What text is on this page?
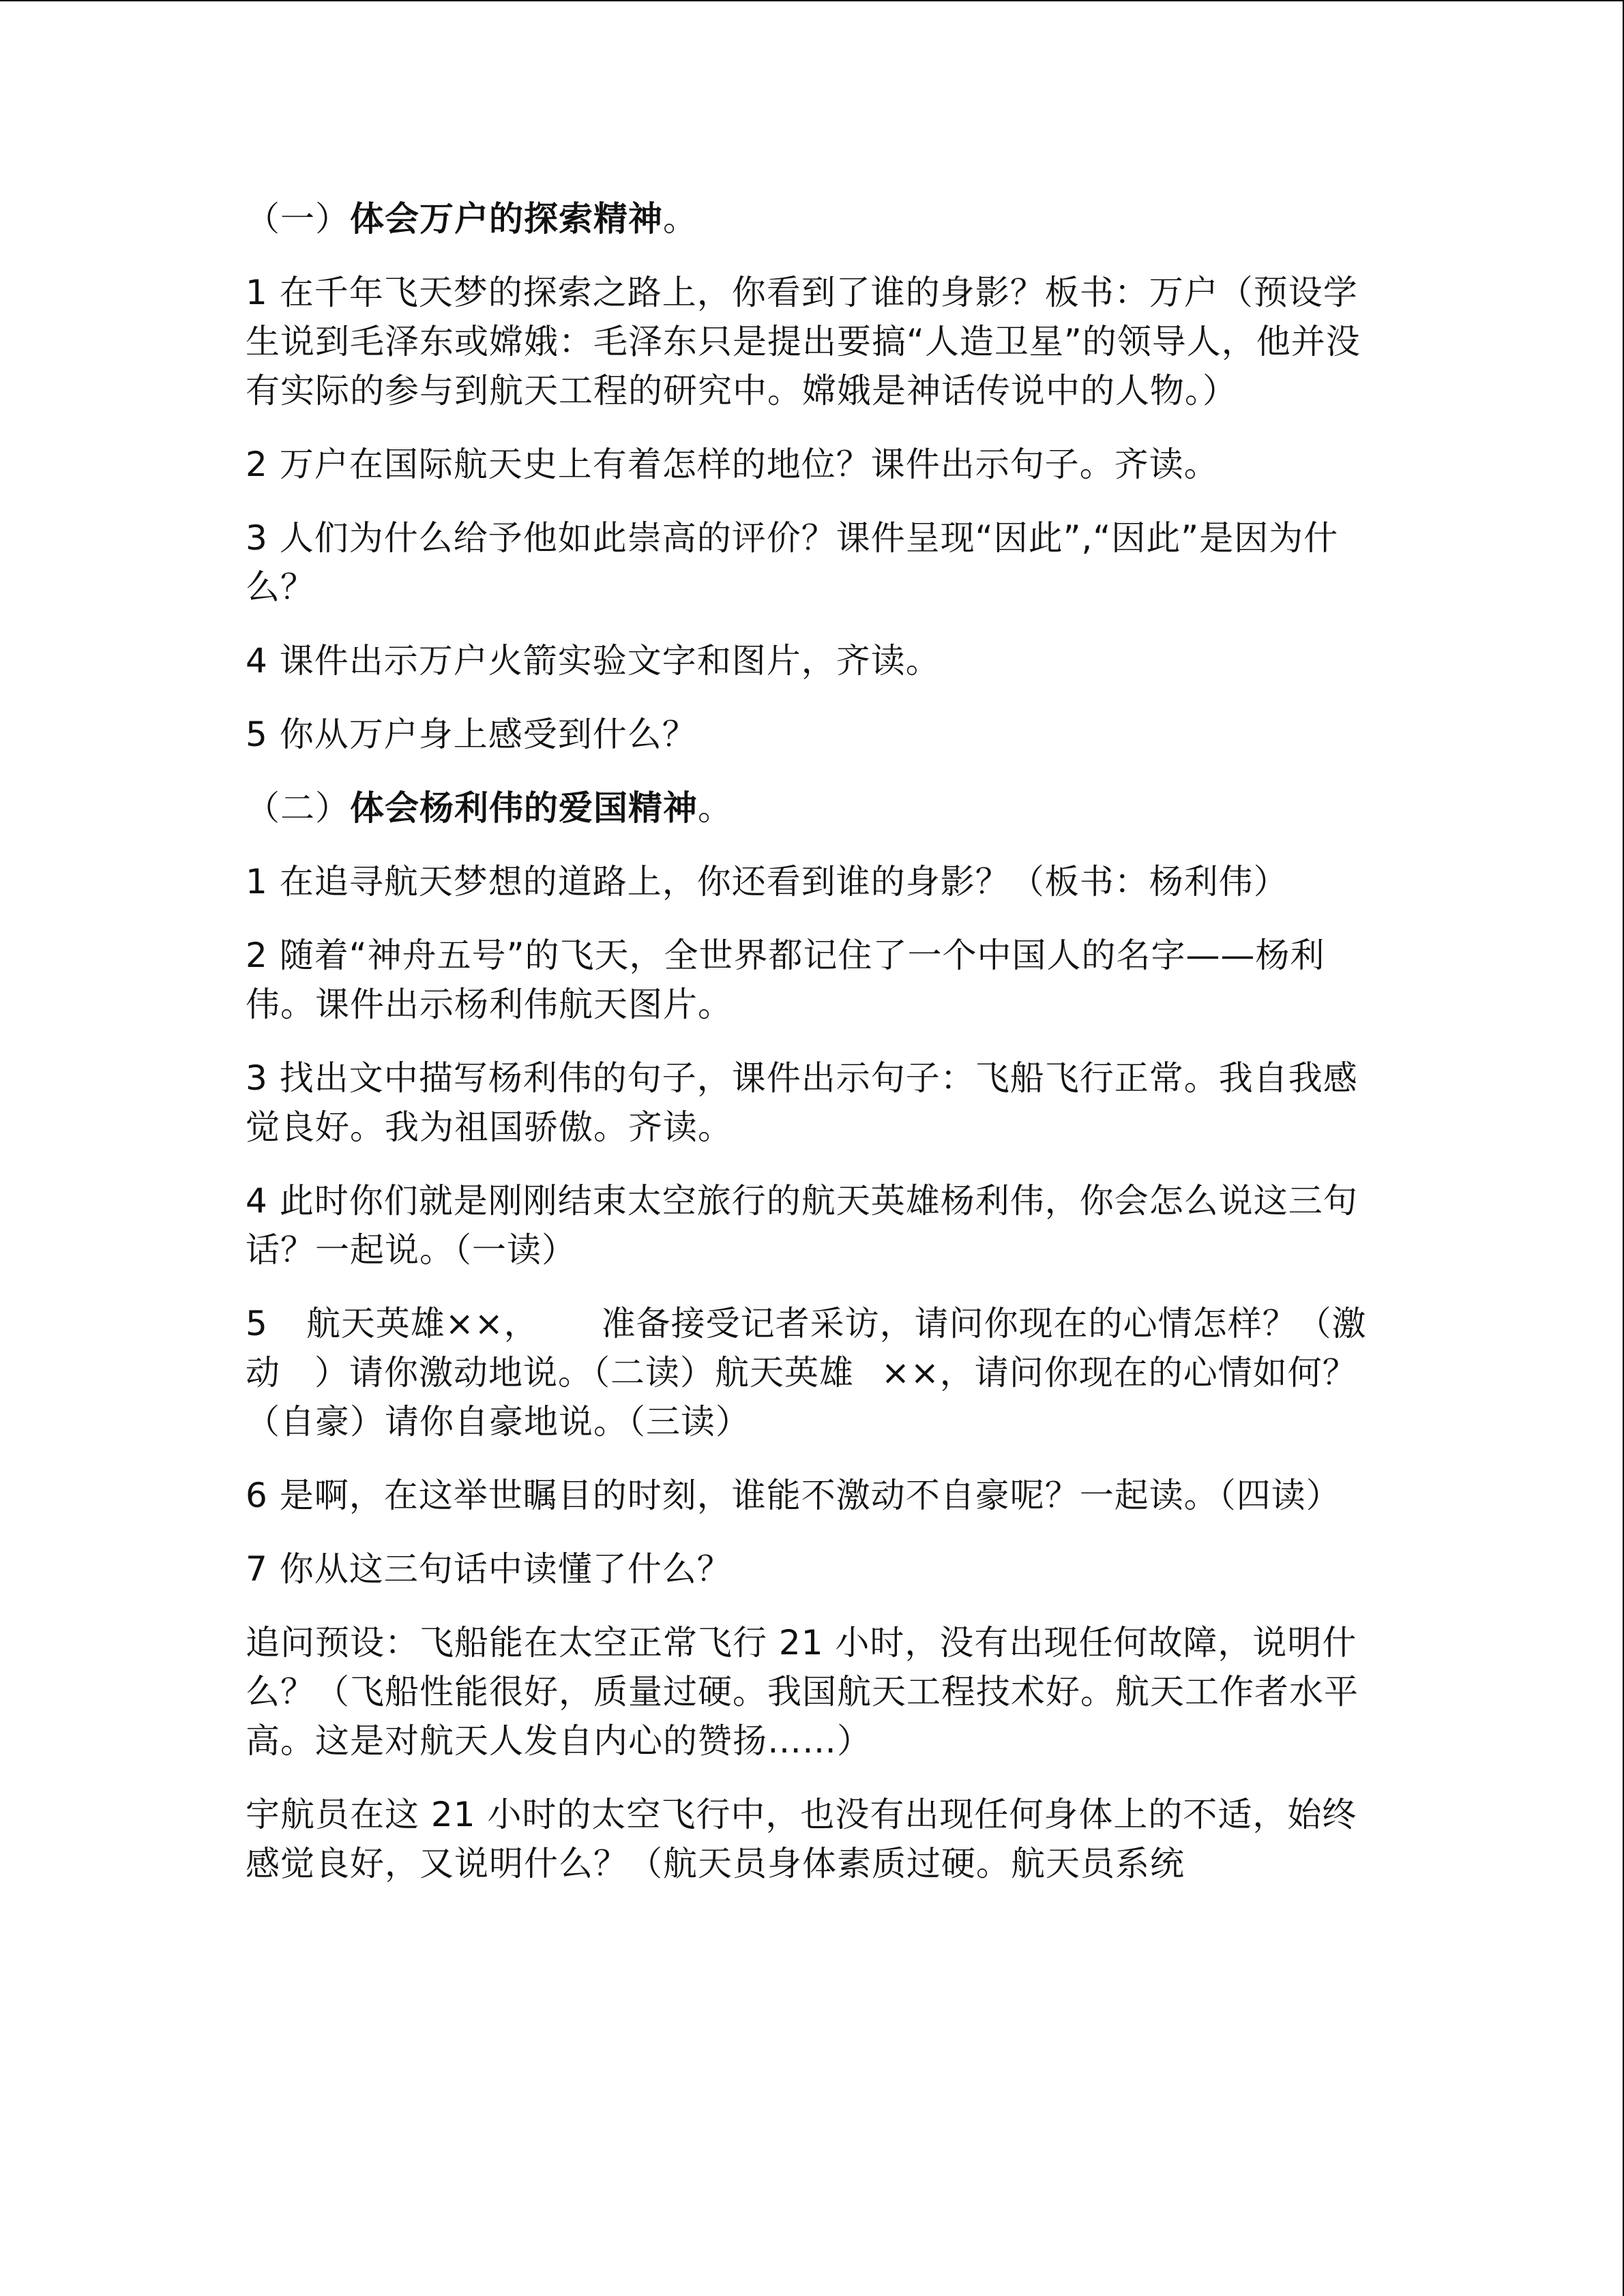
（一）体会万户的探索精神。

1 在千年飞天梦的探索之路上，你看到了谁的身影？板书：万户（预设学生说到毛泽东或嫦娥：毛泽东只是提出要搞“人造卫星”的领导人，他并没有实际的参与到航天工程的研究中。嫦娥是神话传说中的人物。）

2 万户在国际航天史上有着怎样的地位？课件出示句子。齐读。

3 人们为什么给予他如此崇高的评价？课件呈现“因此”,“因此”是因为什么？

4 课件出示万户火箭实验文字和图片，齐读。

5 你从万户身上感受到什么？

（二）体会杨利伟的爱国精神。

1 在追寻航天梦想的道路上，你还看到谁的身影？（板书：杨利伟）

2 随着“神舟五号”的飞天，全世界都记住了一个中国人的名字——杨利伟。课件出示杨利伟航天图片。

3 找出文中描写杨利伟的句子，课件出示句子：飞船飞行正常。我自我感觉良好。我为祖国骄傲。齐读。

4 此时你们就是刚刚结束太空旅行的航天英雄杨利伟，你会怎么说这三句话？一起说。（一读）

5 航天英雄××， 准备接受记者采访，请问你现在的心情怎样？（激动 ）请你激动地说。（二读）航天英雄 ××，请问你现在的心情如何？（自豪）请你自豪地说。（三读）

6 是啊，在这举世瞩目的时刻，谁能不激动不自豪呢？一起读。（四读）

7 你从这三句话中读懂了什么？

追问预设：飞船能在太空正常飞行 21 小时，没有出现任何故障，说明什么？（飞船性能很好，质量过硬。我国航天工程技术好。航天工作者水平高。这是对航天人发自内心的赞扬……）

宇航员在这 21 小时的太空飞行中，也没有出现任何身体上的不适，始终感觉良好，又说明什么？（航天员身体素质过硬。航天员系统
